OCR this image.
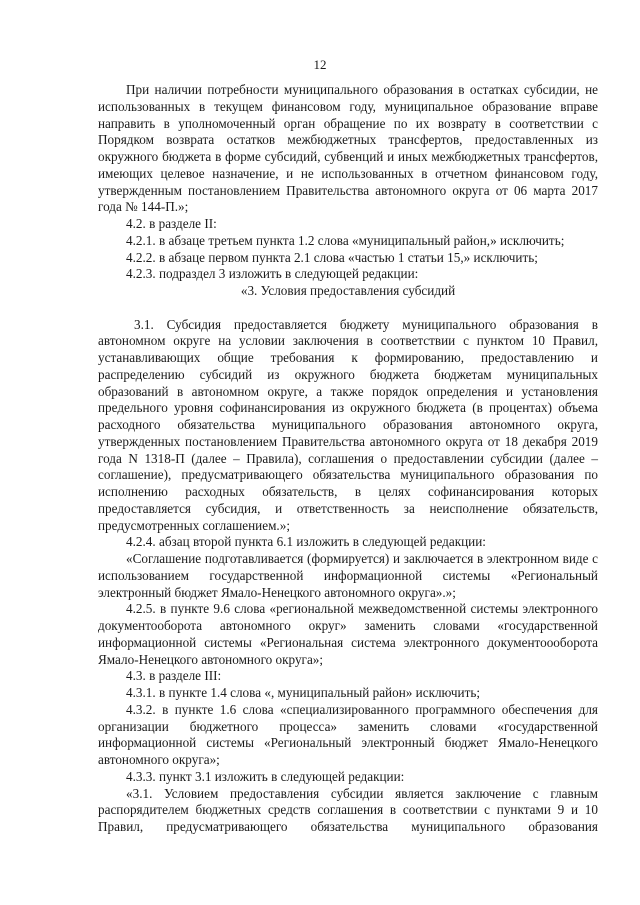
12

При наличии потребности муниципального образования в остатках субсидии, не использованных в текущем финансовом году, муниципальное образование вправе направить в уполномоченный орган обращение по их возврату в соответствии с Порядком возврата остатков межбюджетных трансфертов, предоставленных из окружного бюджета в форме субсидий, субвенций и иных межбюджетных трансфертов, имеющих целевое назначение, и не использованных в отчетном финансовом году, утвержденным постановлением Правительства автономного округа от 06 марта 2017 года № 144-П.»;

4.2. в разделе II:

4.2.1. в абзаце третьем пункта 1.2 слова «муниципальный район,» исключить;

4.2.2. в абзаце первом пункта 2.1 слова «частью 1 статьи 15,» исключить;

4.2.3. подраздел 3 изложить в следующей редакции:

«3. Условия предоставления субсидий

3.1. Субсидия предоставляется бюджету муниципального образования в автономном округе на условии заключения в соответствии с пунктом 10 Правил, устанавливающих общие требования к формированию, предоставлению и распределению субсидий из окружного бюджета бюджетам муниципальных образований в автономном округе, а также порядок определения и установления предельного уровня софинансирования из окружного бюджета (в процентах) объема расходного обязательства муниципального образования автономного округа, утвержденных постановлением Правительства автономного округа от 18 декабря 2019 года N 1318-П (далее – Правила), соглашения о предоставлении субсидии (далее – соглашение), предусматривающего обязательства муниципального образования по исполнению расходных обязательств, в целях софинансирования которых предоставляется субсидия, и ответственность за неисполнение обязательств, предусмотренных соглашением.»;

4.2.4. абзац второй пункта 6.1 изложить в следующей редакции:

«Соглашение подготавливается (формируется) и заключается в электронном виде с использованием государственной информационной системы «Региональный электронный бюджет Ямало-Ненецкого автономного округа».»;

4.2.5. в пункте 9.6 слова «региональной межведомственной системы электронного документооборота автономного округ» заменить словами «государственной информационной системы «Региональная система электронного документоооборота Ямало-Ненецкого автономного округа»;

4.3. в разделе III:

4.3.1. в пункте 1.4 слова «, муниципальный район» исключить;

4.3.2. в пункте 1.6 слова «специализированного программного обеспечения для организации бюджетного процесса» заменить словами «государственной информационной системы «Региональный электронный бюджет Ямало-Ненецкого автономного округа»;

4.3.3. пункт 3.1 изложить в следующей редакции:

«3.1. Условием предоставления субсидии является заключение с главным распорядителем бюджетных средств соглашения в соответствии с пунктами 9 и 10 Правил, предусматривающего обязательства муниципального образования
